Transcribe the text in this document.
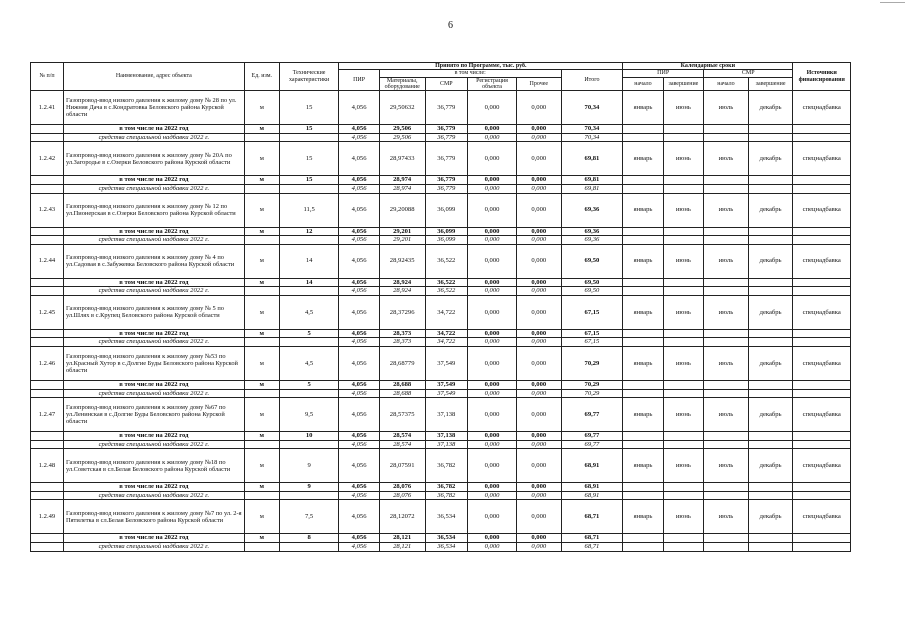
6
№ п/п	Наименование, адрес объекта	Ед. изм.	Технические характеристики	Принято по Программе, тыс. руб.						Календарные сроки				Источники финансирования
				ПИР	в том числе:				Итого	ПИР		СМР		
					Материалы, оборудование	СМР	Регистрация объекта	Прочее		начало	завершение	начало	завершение	
1.2.41	Газопровод-ввод низкого давления к жилому дому № 28 по ул. Нижняя Дача в с.Кондратовка Беловского района Курской области	м	15	4,056	29,50632	36,779	0,000	0,000	70,34	январь	июнь	июль	декабрь	спецнадбавка
	в том числе на 2022 год	м	15	4,056	29,506	36,779	0,000	0,000	70,34					
	средства специальной надбавки 2022 г.			4,056	29,506	36,779	0,000	0,000	70,34					
1.2.42	Газопровод-ввод низкого давления к жилому дому № 20А по ул.Загородье в с.Озерки Беловского района Курской области	м	15	4,056	28,97433	36,779	0,000	0,000	69,81	январь	июнь	июль	декабрь	спецнадбавка
	в том числе на 2022 год	м	15	4,056	28,974	36,779	0,000	0,000	69,81					
	средства специальной надбавки 2022 г.			4,056	28,974	36,779	0,000	0,000	69,81					
1.2.43	Газопровод-ввод низкого давления к жилому дому № 12 по ул.Пионерская в с.Озерки Беловского района Курской области	м	11,5	4,056	29,20088	36,099	0,000	0,000	69,36	январь	июнь	июль	декабрь	спецнадбавка
	в том числе на 2022 год	м	12	4,056	29,201	36,099	0,000	0,000	69,36					
	средства специальной надбавки 2022 г.			4,056	29,201	36,099	0,000	0,000	69,36					
1.2.44	Газопровод-ввод низкого давления к жилому дому № 4 по ул.Садовая в с.Забужевка Беловского района Курской области	м	14	4,056	28,92435	36,522	0,000	0,000	69,50	январь	июнь	июль	декабрь	спецнадбавка
	в том числе на 2022 год	м	14	4,056	28,924	36,522	0,000	0,000	69,50					
	средства специальной надбавки 2022 г.			4,056	28,924	36,522	0,000	0,000	69,50					
1.2.45	Газопровод-ввод низкого давления к жилому дому № 5 по ул.Шлях в с.Крупец Беловского района Курской области	м	4,5	4,056	28,37296	34,722	0,000	0,000	67,15	январь	июнь	июль	декабрь	спецнадбавка
	в том числе на 2022 год	м	5	4,056	28,373	34,722	0,000	0,000	67,15					
	средства специальной надбавки 2022 г.			4,056	28,373	34,722	0,000	0,000	67,15					
1.2.46	Газопровод-ввод низкого давления к жилому дому №53 по ул.Красный Хутор в с.Долгие Буды Беловского района Курской области	м	4,5	4,056	28,68779	37,549	0,000	0,000	70,29	январь	июнь	июль	декабрь	спецнадбавка
	в том числе на 2022 год	м	5	4,056	28,688	37,549	0,000	0,000	70,29					
	средства специальной надбавки 2022 г.			4,056	28,688	37,549	0,000	0,000	70,29					
1.2.47	Газопровод-ввод низкого давления к жилому дому №67 по ул.Ленинская в с.Долгие Буды Беловского района Курской области	м	9,5	4,056	28,57375	37,138	0,000	0,000	69,77	январь	июнь	июль	декабрь	спецнадбавка
	в том числе на 2022 год	м	10	4,056	28,574	37,138	0,000	0,000	69,77					
	средства специальной надбавки 2022 г.			4,056	28,574	37,138	0,000	0,000	69,77					
1.2.48	Газопровод-ввод низкого давления к жилому дому №18 по ул.Советская в сл.Белая Беловского района Курской области	м	9	4,056	28,07591	36,782	0,000	0,000	68,91	январь	июнь	июль	декабрь	спецнадбавка
	в том числе на 2022 год	м	9	4,056	28,076	36,782	0,000	0,000	68,91					
	средства специальной надбавки 2022 г.			4,056	28,076	36,782	0,000	0,000	68,91					
1.2.49	Газопровод-ввод низкого давления к жилому дому №7 по ул. 2-я Пятилетка в сл.Белая Беловского района Курской области	м	7,5	4,056	28,12072	36,534	0,000	0,000	68,71	январь	июнь	июль	декабрь	спецнадбавка
	в том числе на 2022 год	м	8	4,056	28,121	36,534	0,000	0,000	68,71					
	средства специальной надбавки 2022 г.			4,056	28,121	36,534	0,000	0,000	68,71					
